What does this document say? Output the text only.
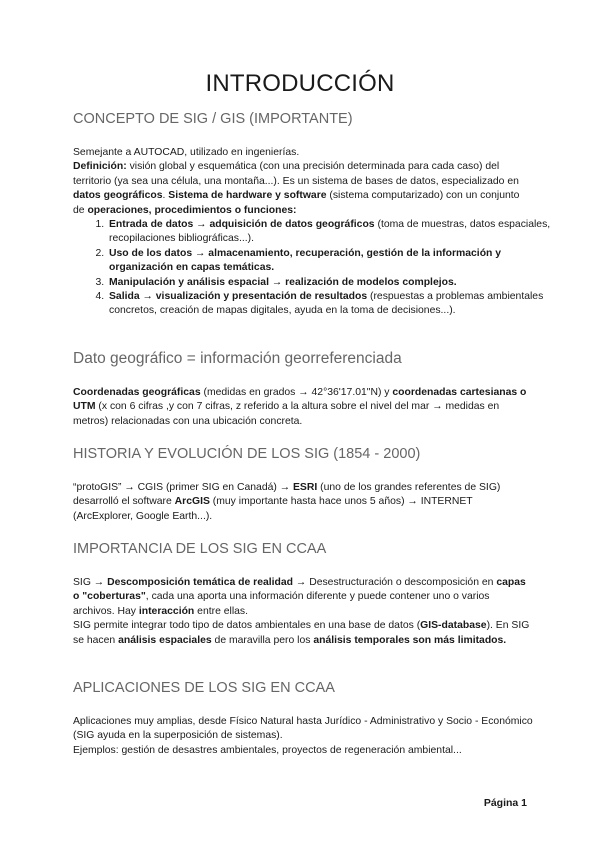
INTRODUCCIÓN
CONCEPTO DE SIG / GIS (IMPORTANTE)

Semejante a AUTOCAD, utilizado en ingenierías.
Definición: visión global y esquemática (con una precisión determinada para cada caso) del territorio (ya sea una célula, una montaña...). Es un sistema de bases de datos, especializado en datos geográficos. Sistema de hardware y software (sistema computarizado) con un conjunto de operaciones, procedimientos o funciones:

1. Entrada de datos → adquisición de datos geográficos (toma de muestras, datos espaciales, recopilaciones bibliográficas...).
2. Uso de los datos → almacenamiento, recuperación, gestión de la información y organización en capas temáticas.
3. Manipulación y análisis espacial → realización de modelos complejos.
4. Salida → visualización y presentación de resultados (respuestas a problemas ambientales concretos, creación de mapas digitales, ayuda en la toma de decisiones...).
Dato geográfico = información georreferenciada

Coordenadas geográficas (medidas en grados → 42°36'17.01"N) y coordenadas cartesianas o UTM (x con 6 cifras ,y con 7 cifras, z referido a la altura sobre el nivel del mar → medidas en metros) relacionadas con una ubicación concreta.

HISTORIA Y EVOLUCIÓN DE LOS SIG (1854 - 2000)

“protoGIS” → CGIS (primer SIG en Canadá) → ESRI (uno de los grandes referentes de SIG) desarrolló el software ArcGIS (muy importante hasta hace unos 5 años) → INTERNET (ArcExplorer, Google Earth...).

IMPORTANCIA DE LOS SIG EN CCAA

SIG → Descomposición temática de realidad → Desestructuración o descomposición en capas o "coberturas", cada una aporta una información diferente y puede contener uno o varios archivos. Hay interacción entre ellas.
SIG permite integrar todo tipo de datos ambientales en una base de datos (GIS-database). En SIG se hacen análisis espaciales de maravilla pero los análisis temporales son más limitados.

APLICACIONES DE LOS SIG EN CCAA

Aplicaciones muy amplias, desde Físico Natural hasta Jurídico - Administrativo y Socio - Económico (SIG ayuda en la superposición de sistemas).
Ejemplos: gestión de desastres ambientales, proyectos de regeneración ambiental...

Página 1
